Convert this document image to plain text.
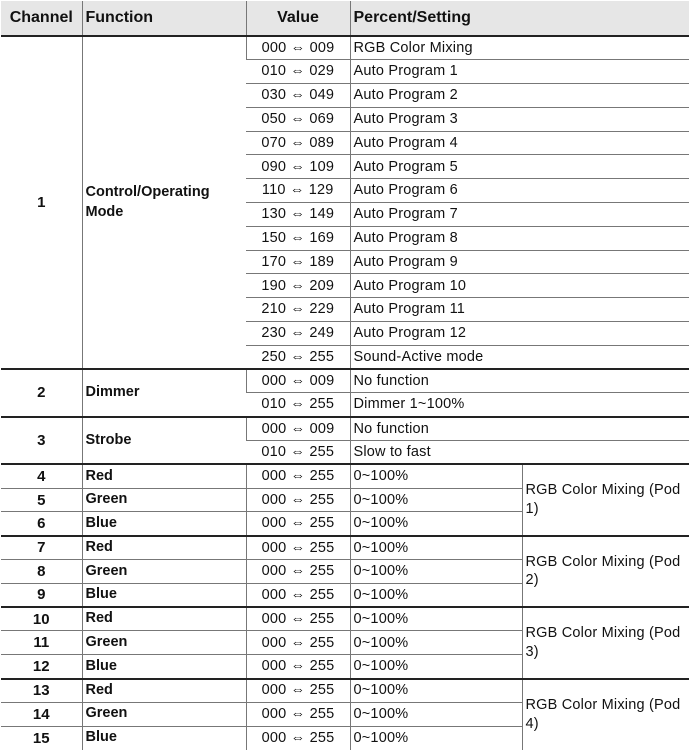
Channel	Function	Value	Percent/Setting	
1	Control/Operating Mode	000 ⇔ 009	RGB Color Mixing	
		010 ⇔ 029	Auto Program 1	
		030 ⇔ 049	Auto Program 2	
		050 ⇔ 069	Auto Program 3	
		070 ⇔ 089	Auto Program 4	
		090 ⇔ 109	Auto Program 5	
		110 ⇔ 129	Auto Program 6	
		130 ⇔ 149	Auto Program 7	
		150 ⇔ 169	Auto Program 8	
		170 ⇔ 189	Auto Program 9	
		190 ⇔ 209	Auto Program 10	
		210 ⇔ 229	Auto Program 11	
		230 ⇔ 249	Auto Program 12	
		250 ⇔ 255	Sound-Active mode	
2	Dimmer	000 ⇔ 009	No function	
		010 ⇔ 255	Dimmer 1~100%	
3	Strobe	000 ⇔ 009	No function	
		010 ⇔ 255	Slow to fast	
4	Red	000 ⇔ 255	0~100%	RGB Color Mixing (Pod 1)
5	Green	000 ⇔ 255	0~100%	
6	Blue	000 ⇔ 255	0~100%	
7	Red	000 ⇔ 255	0~100%	RGB Color Mixing (Pod 2)
8	Green	000 ⇔ 255	0~100%	
9	Blue	000 ⇔ 255	0~100%	
10	Red	000 ⇔ 255	0~100%	RGB Color Mixing (Pod 3)
11	Green	000 ⇔ 255	0~100%	
12	Blue	000 ⇔ 255	0~100%	
13	Red	000 ⇔ 255	0~100%	RGB Color Mixing (Pod 4)
14	Green	000 ⇔ 255	0~100%	
15	Blue	000 ⇔ 255	0~100%	
